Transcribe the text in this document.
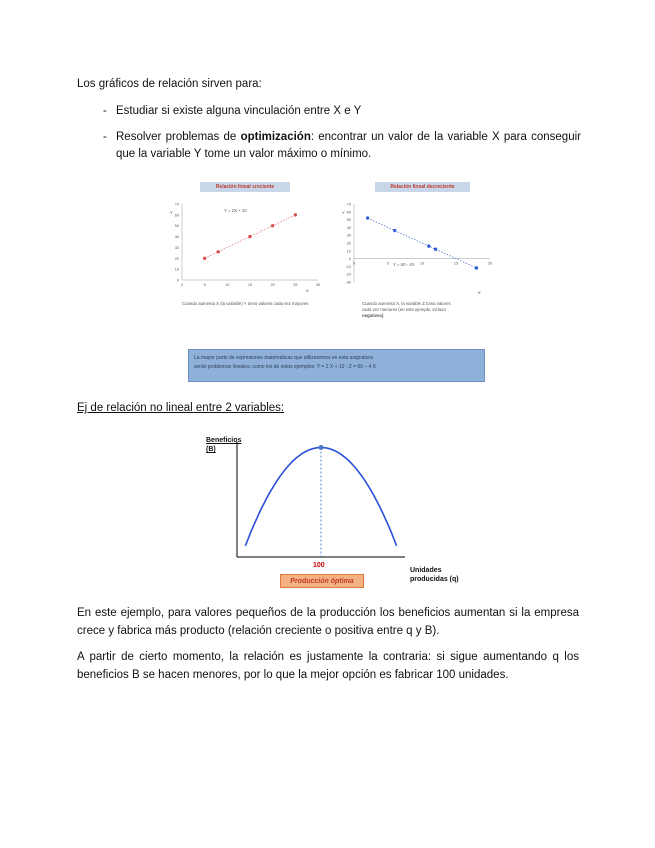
Los gráficos de relación sirven para:
- Estudiar si existe alguna vinculación entre X e Y
- Resolver problemas de optimización: encontrar un valor de la variable X para conseguir que la variable Y tome un valor máximo o mínimo.
Relación lineal creciente
70
60
50
40
30
20
10
0
0	5	10	15	20	25	30
Y
X
Y = 2X + 10
Cuando aumenta X (la variable) Y tomo valores cada vez mayores
Relación lineal decreciente
70
60
50
40
30
20
10
0
-10
-20
-30
0	5	10	15	20
Y
X
Y = 60 - 4X
Cuando aumenta X, la variable Z toma valores
cada vez menores (en este ejemplo, incluso
negativos)
La mayor parte de expresiones matemáticas que utilizaremos en esta asignatura
serán problemas lineales, como los de estos ejemplos: Y = 2 X + 10 ; Z = 60 – 4 X
Ej de relación no lineal entre 2 variables:
Beneficios
(B)
100
Producción óptima
Unidades
producidas (q)
En este ejemplo, para valores pequeños de la producción los beneficios aumentan si la empresa crece y fabrica más producto (relación creciente o positiva entre q y B).
A partir de cierto momento, la relación es justamente la contraria: si sigue aumentando q los beneficios B se hacen menores, por lo que la mejor opción es fabricar 100 unidades.
